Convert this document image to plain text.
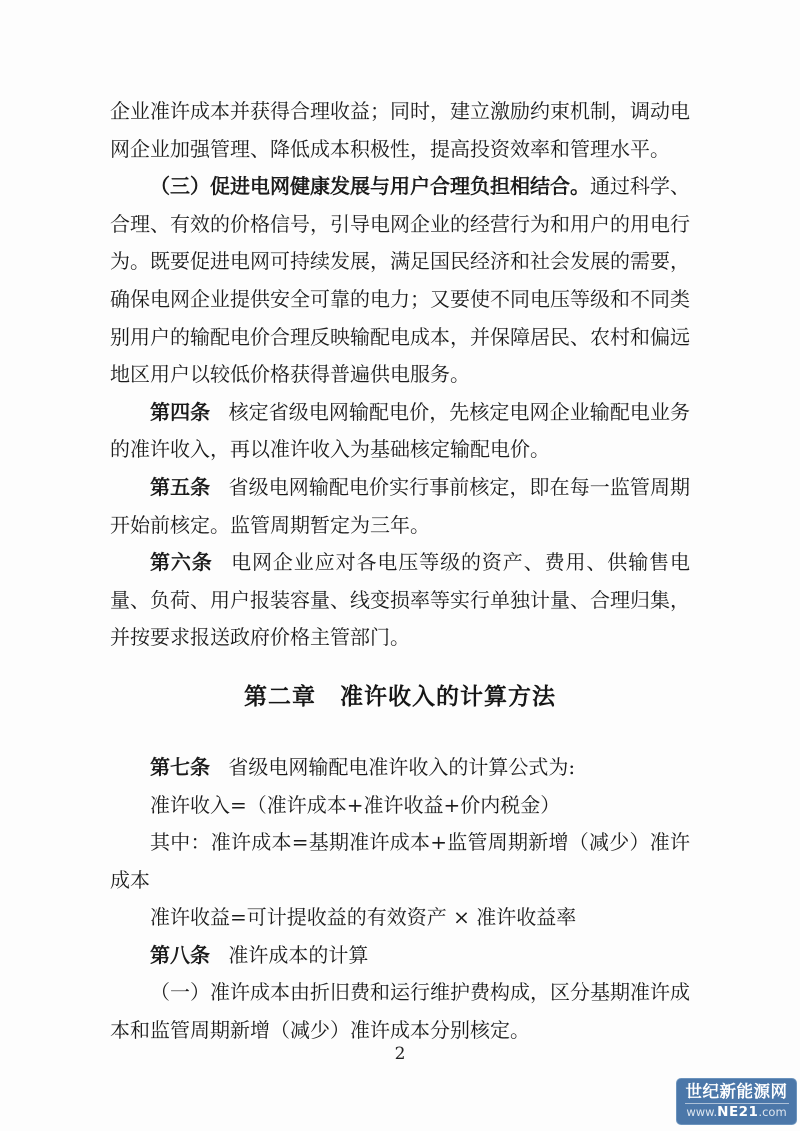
企业准许成本并获得合理收益；同时，建立激励约束机制，调动电网企业加强管理、降低成本积极性，提高投资效率和管理水平。

（三）促进电网健康发展与用户合理负担相结合。通过科学、合理、有效的价格信号，引导电网企业的经营行为和用户的用电行为。既要促进电网可持续发展，满足国民经济和社会发展的需要，确保电网企业提供安全可靠的电力；又要使不同电压等级和不同类别用户的输配电价合理反映输配电成本，并保障居民、农村和偏远地区用户以较低价格获得普遍供电服务。

第四条 核定省级电网输配电价，先核定电网企业输配电业务的准许收入，再以准许收入为基础核定输配电价。

第五条 省级电网输配电价实行事前核定，即在每一监管周期开始前核定。监管周期暂定为三年。

第六条 电网企业应对各电压等级的资产、费用、供输售电量、负荷、用户报装容量、线变损率等实行单独计量、合理归集，并按要求报送政府价格主管部门。

第二章　准许收入的计算方法

第七条 省级电网输配电准许收入的计算公式为:

准许收入=（准许成本+准许收益+价内税金）

其中：准许成本=基期准许成本+监管周期新增（减少）准许成本

准许收益=可计提收益的有效资产 × 准许收益率

第八条 准许成本的计算

（一）准许成本由折旧费和运行维护费构成，区分基期准许成本和监管周期新增（减少）准许成本分别核定。

2
世纪新能源网
www.NE21.com
